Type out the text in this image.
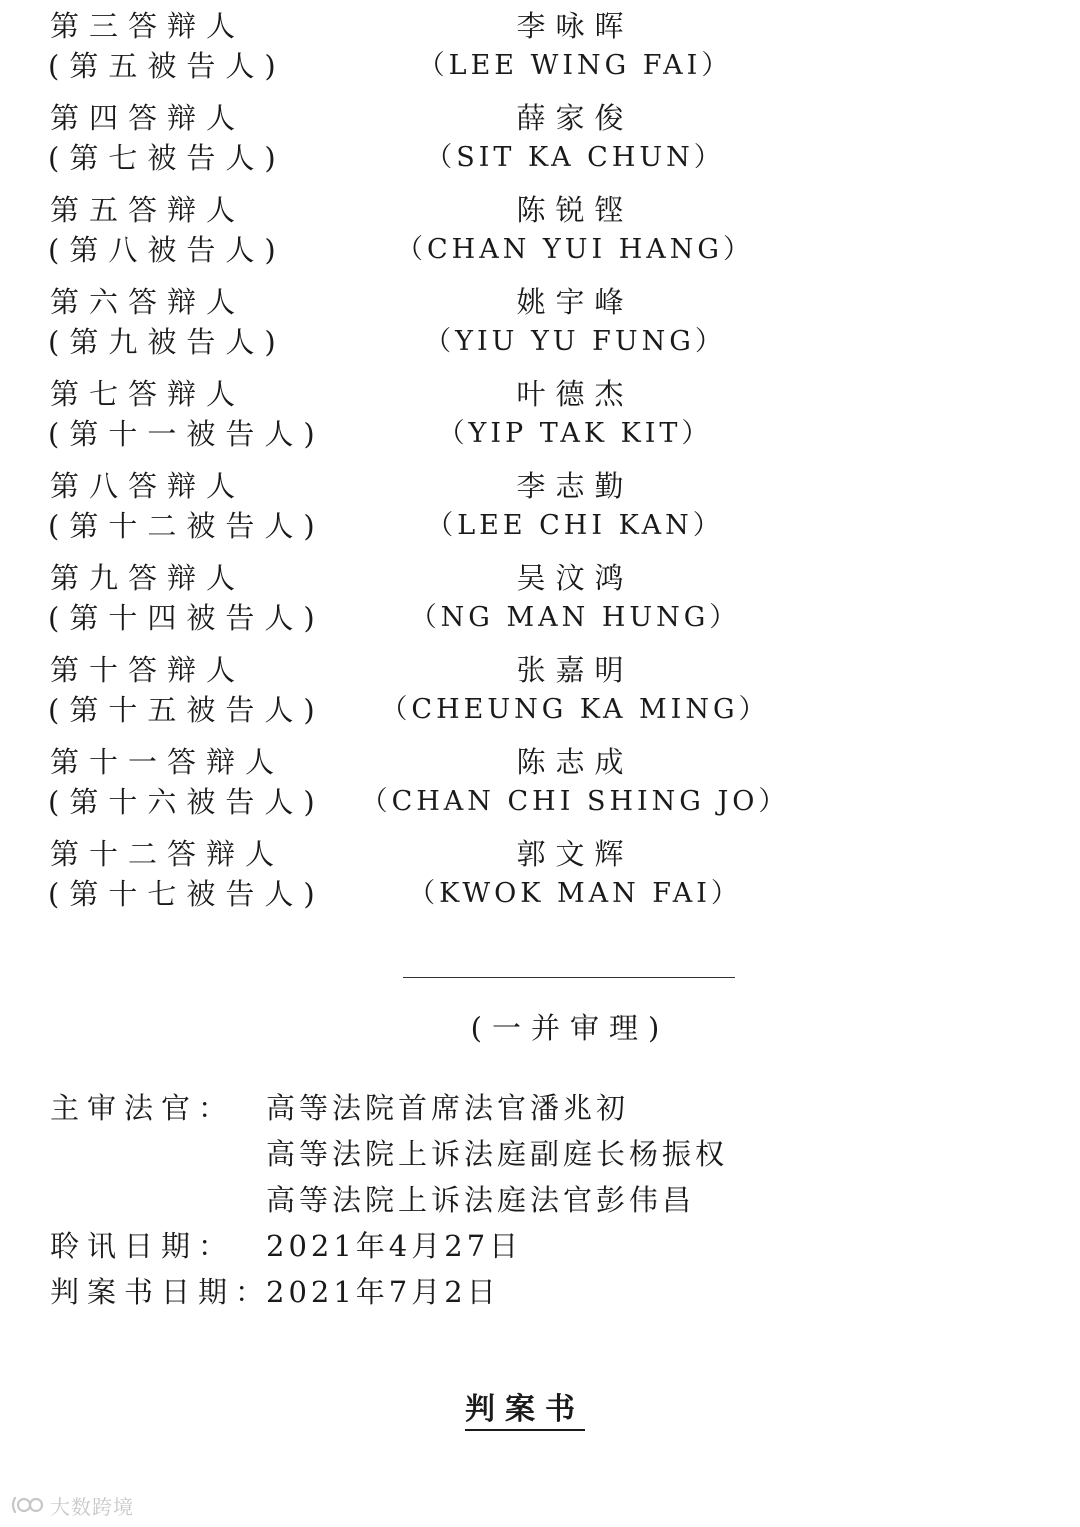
第三答辩人
(第五被告人)
李咏晖
（LEE WING FAI）
第四答辩人
(第七被告人)
薛家俊
（SIT KA CHUN）
第五答辩人
(第八被告人)
陈锐铿
（CHAN YUI HANG）
第六答辩人
(第九被告人)
姚宇峰
（YIU YU FUNG）
第七答辩人
(第十一被告人)
叶德杰
（YIP TAK KIT）
第八答辩人
(第十二被告人)
李志勤
（LEE CHI KAN）
第九答辩人
(第十四被告人)
吴汶鸿
（NG MAN HUNG）
第十答辩人
(第十五被告人)
张嘉明
（CHEUNG KA MING）
第十一答辩人
(第十六被告人)
陈志成
（CHAN CHI SHING JO）
第十二答辩人
(第十七被告人)
郭文辉
（KWOK MAN FAI）
(一并审理)
主审法官： 高等法院首席法官潘兆初
高等法院上诉法庭副庭长杨振权
高等法院上诉法庭法官彭伟昌
聆讯日期： 2021年4月27日
判案书日期：
2021年7月2日
判案书
大数跨境
